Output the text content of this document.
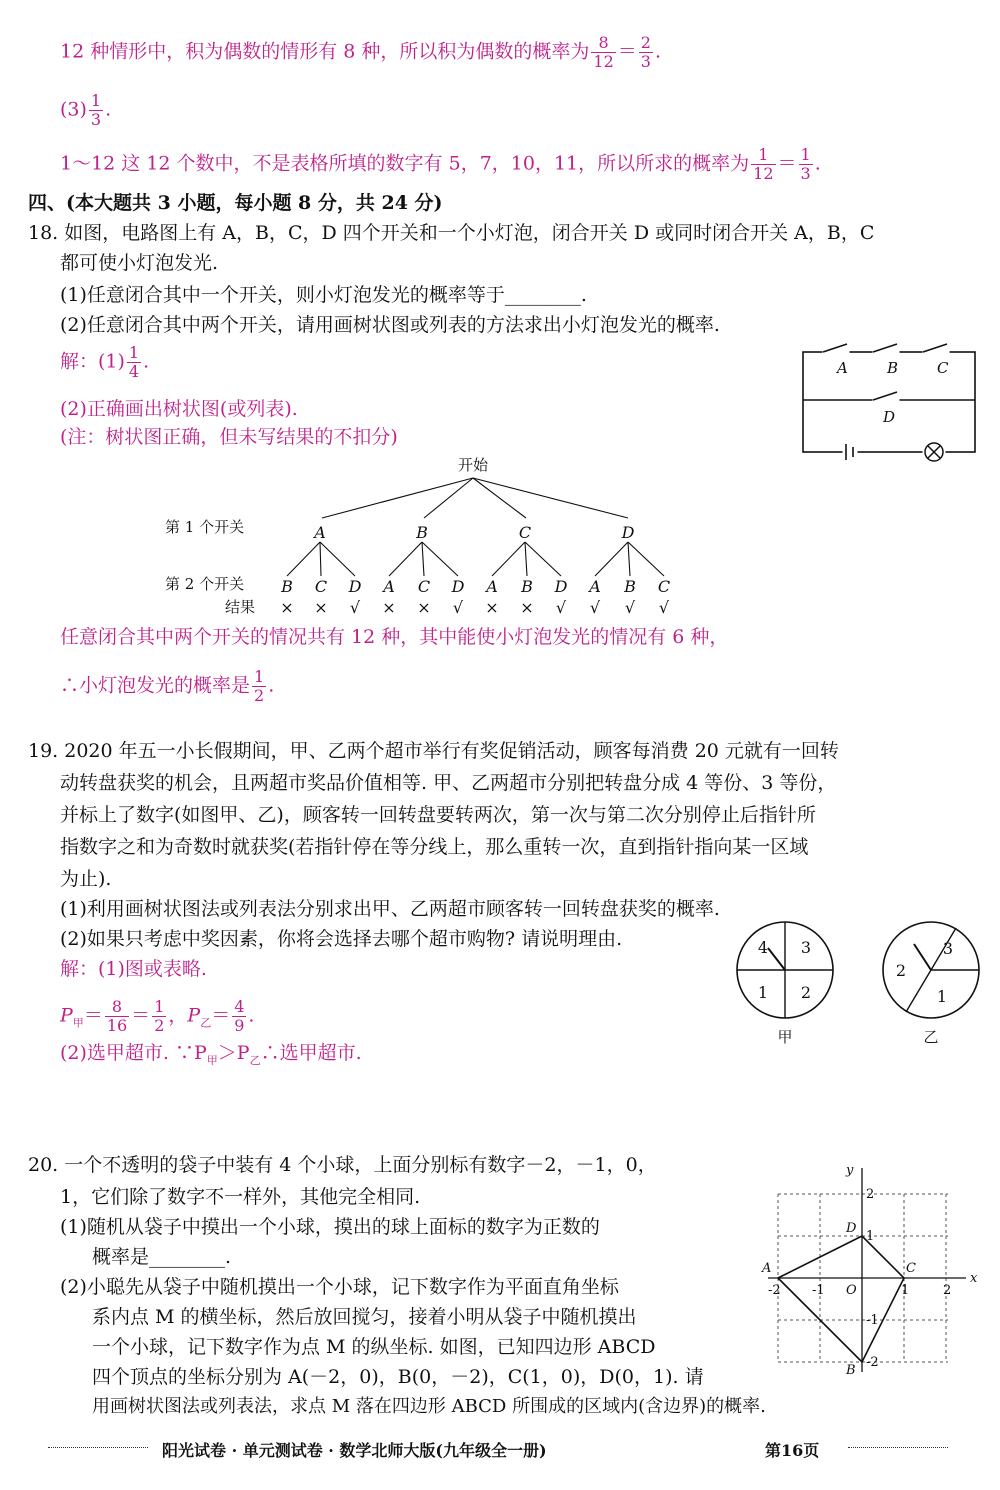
12 种情形中，积为偶数的情形有 8 种，所以积为偶数的概率为 $\frac{8}{12} = \frac{2}{3}$ .
$(3) \frac{1}{3}$ .
1～12 这 12 个数中，不是表格所填的数字有 5，7，10，11，所以所求的概率为 $\frac{1}{12} = \frac{1}{3}$ .
四、(本大题共 3 小题，每小题 8 分，共 24 分)
18. 如图，电路图上有 A，B，C，D 四个开关和一个小灯泡，闭合开关 D 或同时闭合开关 A，B，C
都可使小灯泡发光.
(1)任意闭合其中一个开关，则小灯泡发光的概率等于________.
(2)任意闭合其中两个开关，请用画树状图或列表的方法求出小灯泡发光的概率.
解：$(1) \frac{1}{4}$ .
(2)正确画出树状图(或列表).
(注：树状图正确，但未写结果的不扣分)
A	B	C
D
开始
第 1 个开关
第 2 个开关
结果
A	B	C	D
B C D A C D A B D A B C
× × √ × × √ × × √ √ √ √
任意闭合其中两个开关的情况共有 12 种，其中能使小灯泡发光的情况有 6 种，
∴小灯泡发光的概率是 $\frac{1}{2}$ .
19. 2020 年五一小长假期间，甲、乙两个超市举行有奖促销活动，顾客每消费 20 元就有一回转
动转盘获奖的机会，且两超市奖品价值相等. 甲、乙两超市分别把转盘分成 4 等份、3 等份，
并标上了数字(如图甲、乙)，顾客转一回转盘要转两次，第一次与第二次分别停止后指针所
指数字之和为奇数时就获奖(若指针停在等分线上，那么重转一次，直到指针指向某一区域
为止).
(1)利用画树状图法或列表法分别求出甲、乙两超市顾客转一回转盘获奖的概率.
(2)如果只考虑中奖因素，你将会选择去哪个超市购物? 请说明理由.
解：(1)图或表略.
$P_甲= \frac{8}{16} = \frac{1}{2}$ ，$P_乙= \frac{4}{9}$ .
(2)选甲超市. $\because P_甲>P_乙\therefore$选甲超市.
4 3
1 2
甲
3
2
1
乙
20. 一个不透明的袋子中装有 4 个小球，上面分别标有数字－2，－1，0，
1，它们除了数字不一样外，其他完全相同.
(1)随机从袋子中摸出一个小球，摸出的球上面标的数字为正数的
概率是________.
(2)小聪先从袋子中随机摸出一个小球，记下数字作为平面直角坐标
系内点 M 的横坐标，然后放回搅匀，接着小明从袋子中随机摸出
一个小球，记下数字作为点 M 的纵坐标. 如图，已知四边形 ABCD
四个顶点的坐标分别为 A(－2，0)，B(0，－2)，C(1，0)，D(0，1). 请
用画树状图法或列表法，求点 M 落在四边形 ABCD 所围成的区域内(含边界)的概率.
x
y
O
A
B
C
D
-2 -1	1	2
2
1
-1
-2
阳光试卷 · 单元测试卷 · 数学北师大版(九年级全一册)	第16页
